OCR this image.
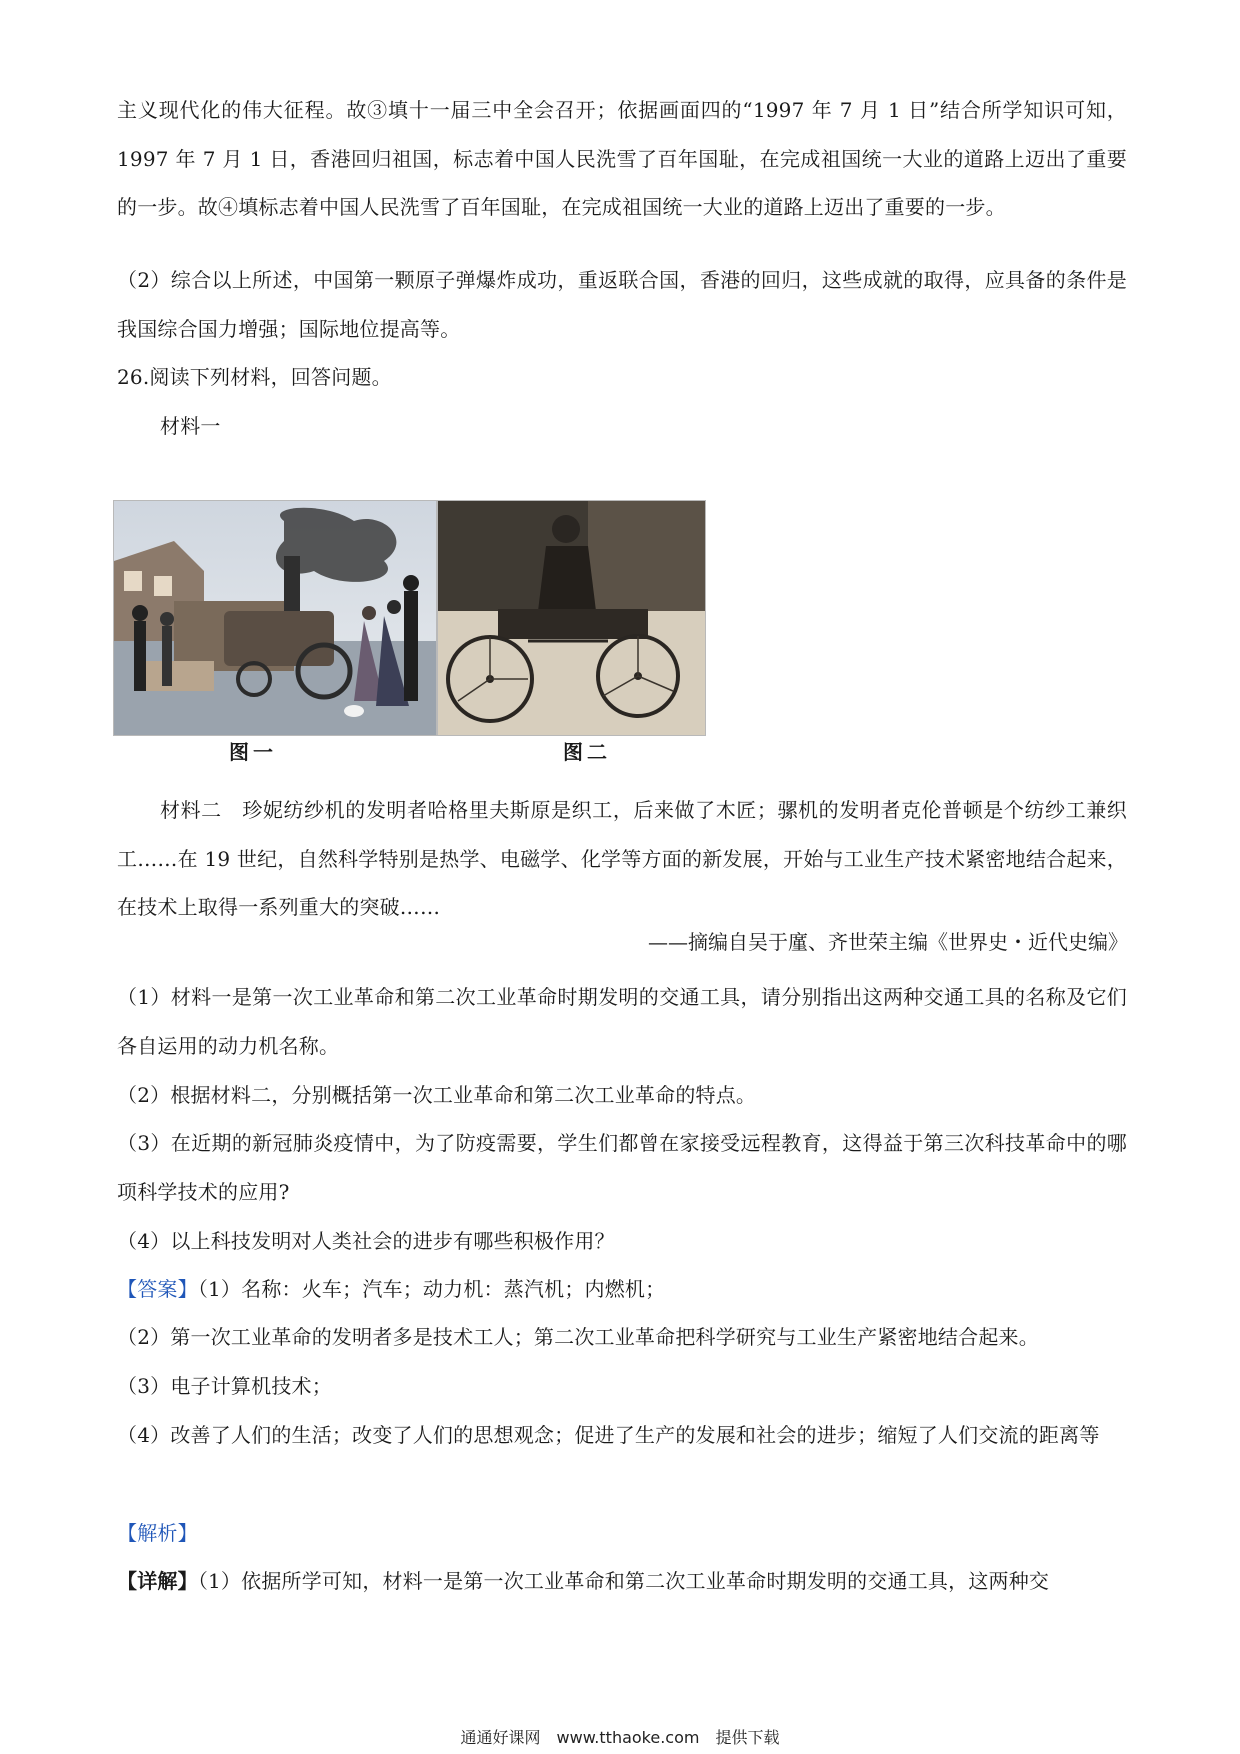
主义现代化的伟大征程。故③填十一届三中全会召开；依据画面四的“1997 年 7 月 1 日”结合所学知识可知，1997 年 7 月 1 日，香港回归祖国，标志着中国人民洗雪了百年国耻，在完成祖国统一大业的道路上迈出了重要的一步。故④填标志着中国人民洗雪了百年国耻，在完成祖国统一大业的道路上迈出了重要的一步。

（2）综合以上所述，中国第一颗原子弹爆炸成功，重返联合国，香港的回归，这些成就的取得，应具备的条件是我国综合国力增强；国际地位提高等。

26.阅读下列材料，回答问题。

材料一

图一	图二

材料二　珍妮纺纱机的发明者哈格里夫斯原是织工，后来做了木匠；骡机的发明者克伦普顿是个纺纱工兼织工……在 19 世纪，自然科学特别是热学、电磁学、化学等方面的新发展，开始与工业生产技术紧密地结合起来，在技术上取得一系列重大的突破……

——摘编自吴于廑、齐世荣主编《世界史・近代史编》

（1）材料一是第一次工业革命和第二次工业革命时期发明的交通工具，请分别指出这两种交通工具的名称及它们各自运用的动力机名称。

（2）根据材料二，分别概括第一次工业革命和第二次工业革命的特点。

（3）在近期的新冠肺炎疫情中，为了防疫需要，学生们都曾在家接受远程教育，这得益于第三次科技革命中的哪项科学技术的应用?

（4）以上科技发明对人类社会的进步有哪些积极作用？

【答案】（1）名称：火车；汽车；动力机：蒸汽机；内燃机；

（2）第一次工业革命的发明者多是技术工人；第二次工业革命把科学研究与工业生产紧密地结合起来。

（3）电子计算机技术；

（4）改善了人们的生活；改变了人们的思想观念；促进了生产的发展和社会的进步；缩短了人们交流的距离等

【解析】

【详解】（1）依据所学可知，材料一是第一次工业革命和第二次工业革命时期发明的交通工具，这两种交

通通好课网　www.tthaoke.com　提供下载
